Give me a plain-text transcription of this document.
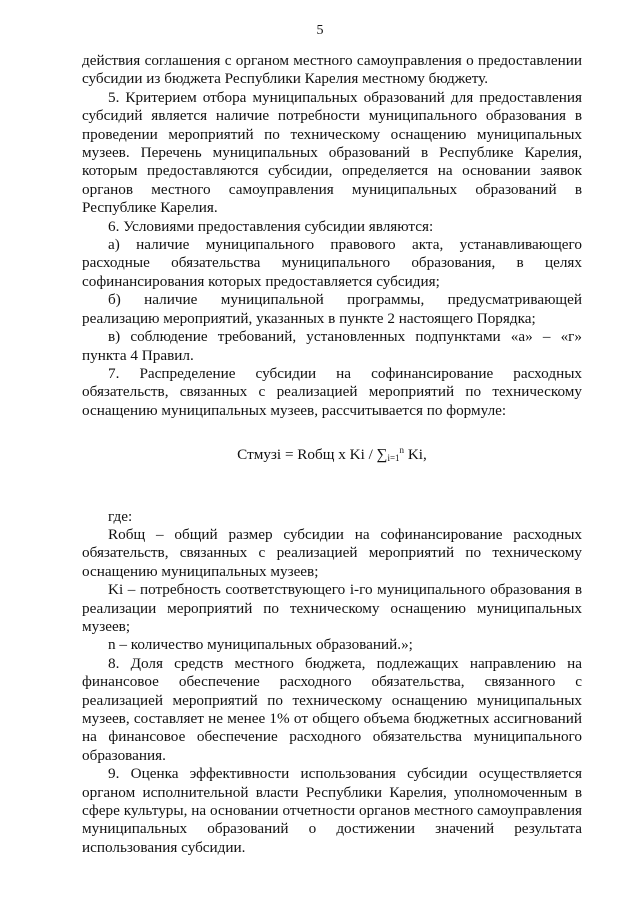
5

действия соглашения с органом местного самоуправления о предоставлении субсидии из бюджета Республики Карелия местному бюджету.

5. Критерием отбора муниципальных образований для предоставления субсидий является наличие потребности муниципального образования в проведении мероприятий по техническому оснащению муниципальных музеев. Перечень муниципальных образований в Республике Карелия, которым предоставляются субсидии, определяется на основании заявок органов местного самоуправления муниципальных образований в Республике Карелия.

6. Условиями предоставления субсидии являются:

а) наличие муниципального правового акта, устанавливающего расходные обязательства муниципального образования, в целях софинансирования которых предоставляется субсидия;

б) наличие муниципальной программы, предусматривающей реализацию мероприятий, указанных в пункте 2 настоящего Порядка;

в) соблюдение требований, установленных подпунктами «а» – «г» пункта 4 Правил.

7. Распределение субсидии на софинансирование расходных обязательств, связанных с реализацией мероприятий по техническому оснащению муниципальных музеев, рассчитывается по формуле:

Стмузi = Rобщ x Ki / $\sum_{i=1}^n$ Ki,

где:

Rобщ – общий размер субсидии на софинансирование расходных обязательств, связанных с реализацией мероприятий по техническому оснащению муниципальных музеев;

Ki – потребность соответствующего i-го муниципального образования в реализации мероприятий по техническому оснащению муниципальных музеев;

n – количество муниципальных образований.»;

8. Доля средств местного бюджета, подлежащих направлению на финансовое обеспечение расходного обязательства, связанного с реализацией мероприятий по техническому оснащению муниципальных музеев, составляет не менее 1% от общего объема бюджетных ассигнований на финансовое обеспечение расходного обязательства муниципального образования.

9. Оценка эффективности использования субсидии осуществляется органом исполнительной власти Республики Карелия, уполномоченным в сфере культуры, на основании отчетности органов местного самоуправления муниципальных образований о достижении значений результата использования субсидии.
